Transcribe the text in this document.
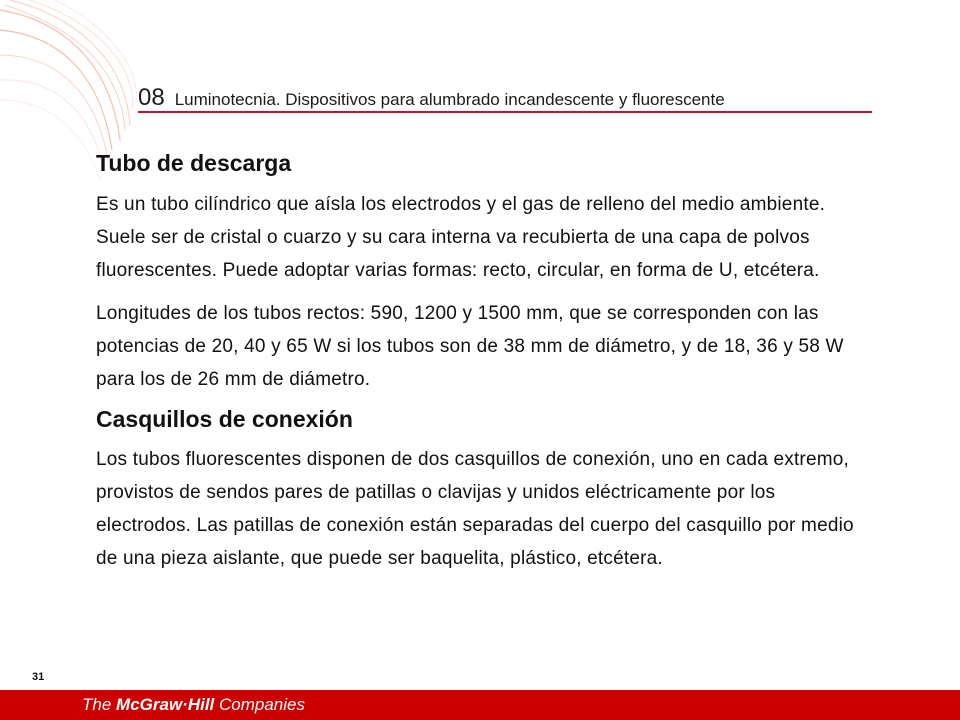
08 Luminotecnia. Dispositivos para alumbrado incandescente y fluorescente
Tubo de descarga

Es un tubo cilíndrico que aísla los electrodos y el gas de relleno del medio ambiente. Suele ser de cristal o cuarzo y su cara interna va recubierta de una capa de polvos fluorescentes. Puede adoptar varias formas: recto, circular, en forma de U, etcétera.

Longitudes de los tubos rectos: 590, 1200 y 1500 mm, que se corresponden con las potencias de 20, 40 y 65 W si los tubos son de 38 mm de diámetro, y de 18, 36 y 58 W para los de 26 mm de diámetro.

Casquillos de conexión

Los tubos fluorescentes disponen de dos casquillos de conexión, uno en cada extremo, provistos de sendos pares de patillas o clavijas y unidos eléctricamente por los electrodos. Las patillas de conexión están separadas del cuerpo del casquillo por medio de una pieza aislante, que puede ser baquelita, plástico, etcétera.

31
The McGraw·Hill Companies
